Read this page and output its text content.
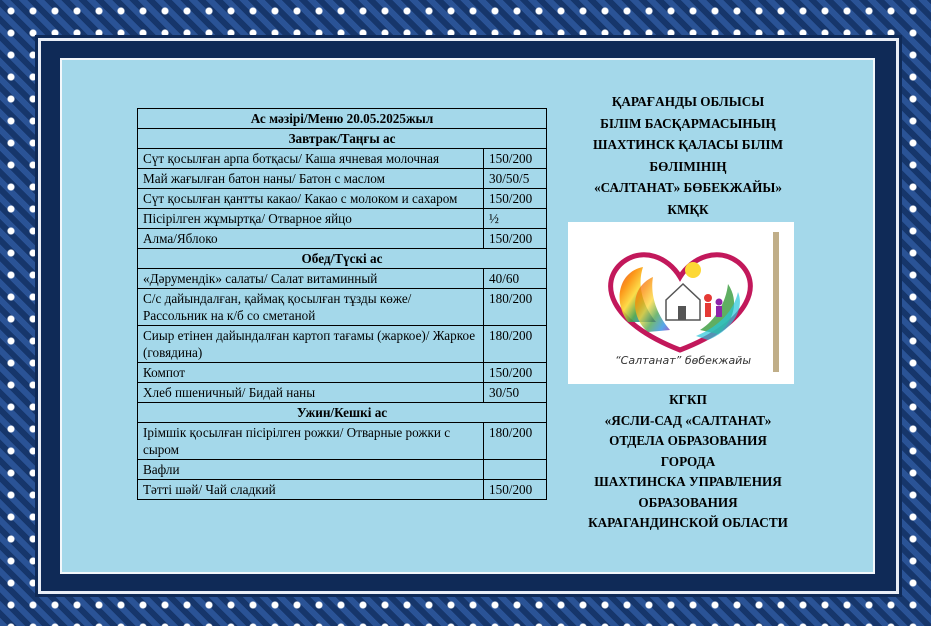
Ас мәзірі/Меню 20.05.2025жыл	
Завтрак/Таңғы ас	
Сүт қосылған арпа ботқасы/ Каша ячневая молочная	150/200
Май жағылған батон наны/ Батон с маслом	30/50/5
Сүт қосылған қантты какао/ Какао с молоком и сахаром	150/200
Пісірілген жұмыртқа/ Отварное яйцо	½
Алма/Яблоко	150/200
Обед/Түскі ас	
«Дәрумендік» салаты/ Салат витаминный	40/60
С/с дайындалған, қаймақ қосылған тұзды көже/ Рассольник на к/б со сметаной	180/200
Сиыр етінен дайындалған картоп тағамы (жаркое)/ Жаркое (говядина)	180/200
Компот	150/200
Хлеб пшеничный/ Бидай наны	30/50
Ужин/Кешкі ас	
Ірімшік қосылған пісірілген рожки/ Отварные рожки с сыром	180/200
Вафли	
Тәтті шәй/ Чай сладкий	150/200
ҚАРАҒАНДЫ ОБЛЫСЫ
БІЛІМ БАСҚАРМАСЫНЫҢ
ШАХТИНСК ҚАЛАСЫ БІЛІМ
БӨЛІМІНІҢ
«САЛТАНАТ» БӨБЕКЖАЙЫ»
КМҚК
“Салтанат” бөбекжайы
КГКП
«ЯСЛИ-САД «САЛТАНАТ»
ОТДЕЛА ОБРАЗОВАНИЯ
ГОРОДА
ШАХТИНСКА УПРАВЛЕНИЯ
ОБРАЗОВАНИЯ
КАРАГАНДИНСКОЙ ОБЛАСТИ
